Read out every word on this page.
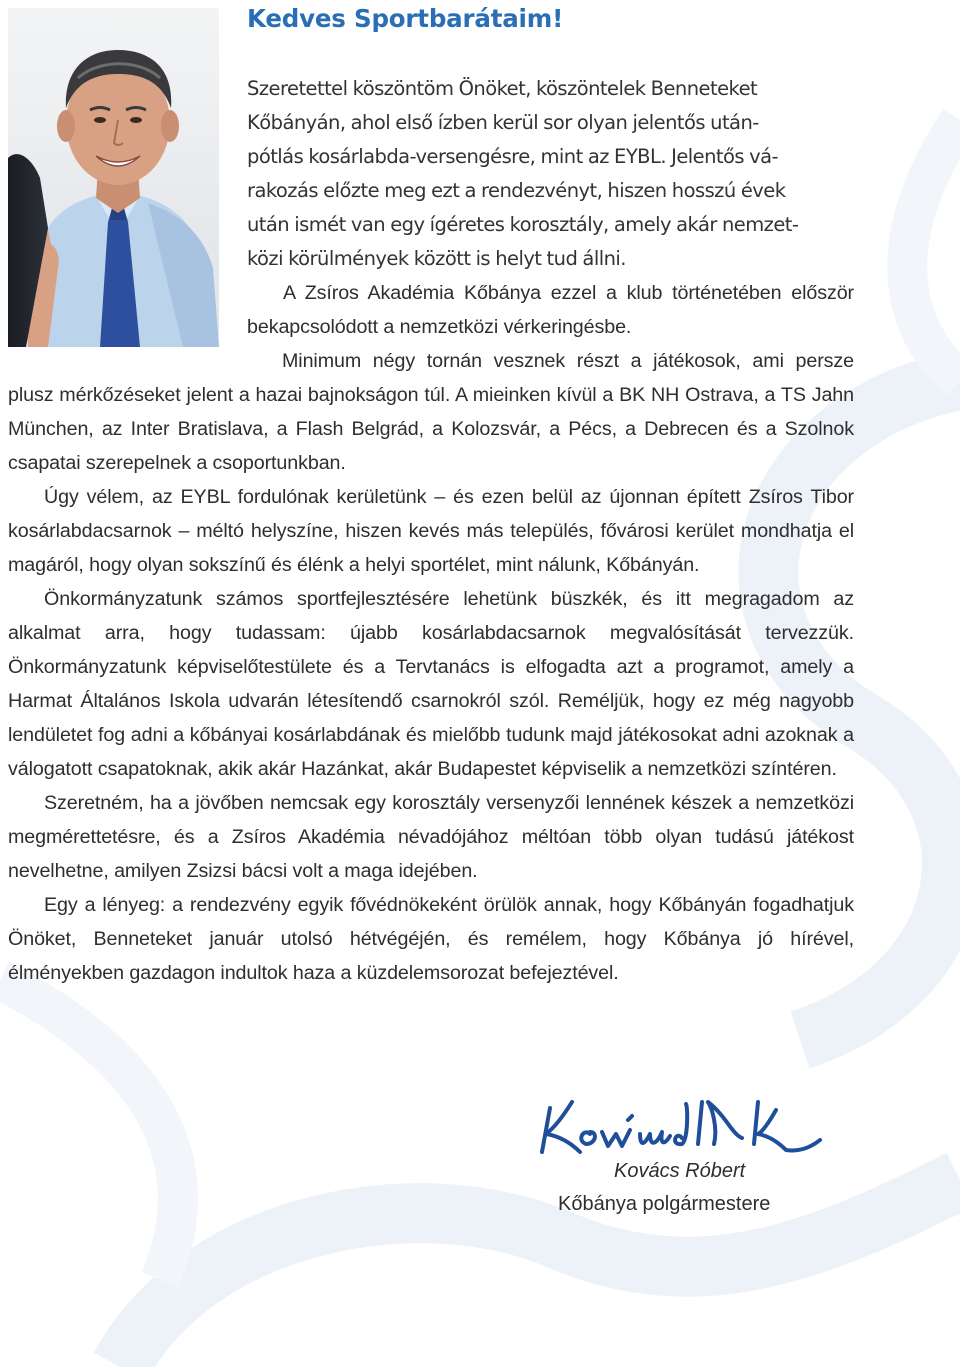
Kedves Sportbarátaim!
Szeretettel köszöntöm Önöket, köszöntelek Benneteket
Kőbányán, ahol első ízben kerül sor olyan jelentős után-
pótlás kosárlabda-versengésre, mint az EYBL. Jelentős vá-
rakozás előzte meg ezt a rendezvényt, hiszen hosszú évek
után ismét van egy ígéretes korosztály, amely akár nemzet-
közi körülmények között is helyt tud állni.

A Zsíros Akadémia Kőbánya ezzel a klub történetében először bekapcsolódott a nemzetközi vérkeringésbe.

Minimum négy tornán vesznek részt a játékosok, ami persze plusz mérkőzéseket jelent a hazai bajnokságon túl. A mieinken kívül a BK NH Ostrava, a TS Jahn München, az Inter Bratislava, a Flash Belgrád, a Kolozsvár, a Pécs, a Debrecen és a Szolnok csapatai szerepelnek a csoportunkban.

Úgy vélem, az EYBL fordulónak kerületünk – és ezen belül az újonnan épített Zsíros Tibor kosárlabdacsarnok – méltó helyszíne, hiszen kevés más település, fővárosi kerület mondhatja el magáról, hogy olyan sokszínű és élénk a helyi sportélet, mint nálunk, Kőbányán.

Önkormányzatunk számos sportfejlesztésére lehetünk büszkék, és itt megragadom az alkalmat arra, hogy tudassam: újabb kosárlabdacsarnok megvalósítását tervezzük. Önkormányzatunk képviselőtestülete és a Tervtanács is elfogadta azt a programot, amely a Harmat Általános Iskola udvarán létesítendő csarnokról szól. Reméljük, hogy ez még nagyobb lendületet fog adni a kőbányai kosárlabdának és mielőbb tudunk majd játékosokat adni azoknak a válogatott csapatoknak, akik akár Hazánkat, akár Budapestet képviselik a nemzetközi színtéren.

Szeretném, ha a jövőben nemcsak egy korosztály versenyzői lennének készek a nemzetközi megmérettetésre, és a Zsíros Akadémia névadójához méltóan több olyan tudású játékost nevelhetne, amilyen Zsizsi bácsi volt a maga idejében.

Egy a lényeg: a rendezvény egyik fővédnökeként örülök annak, hogy Kőbányán fogadhatjuk Önöket, Benneteket január utolsó hétvégéjén, és remélem, hogy Kőbánya jó hírével, élményekben gazdagon indultok haza a küzdelemsorozat befejeztével.

Kovács Róbert
Kőbánya polgármestere
